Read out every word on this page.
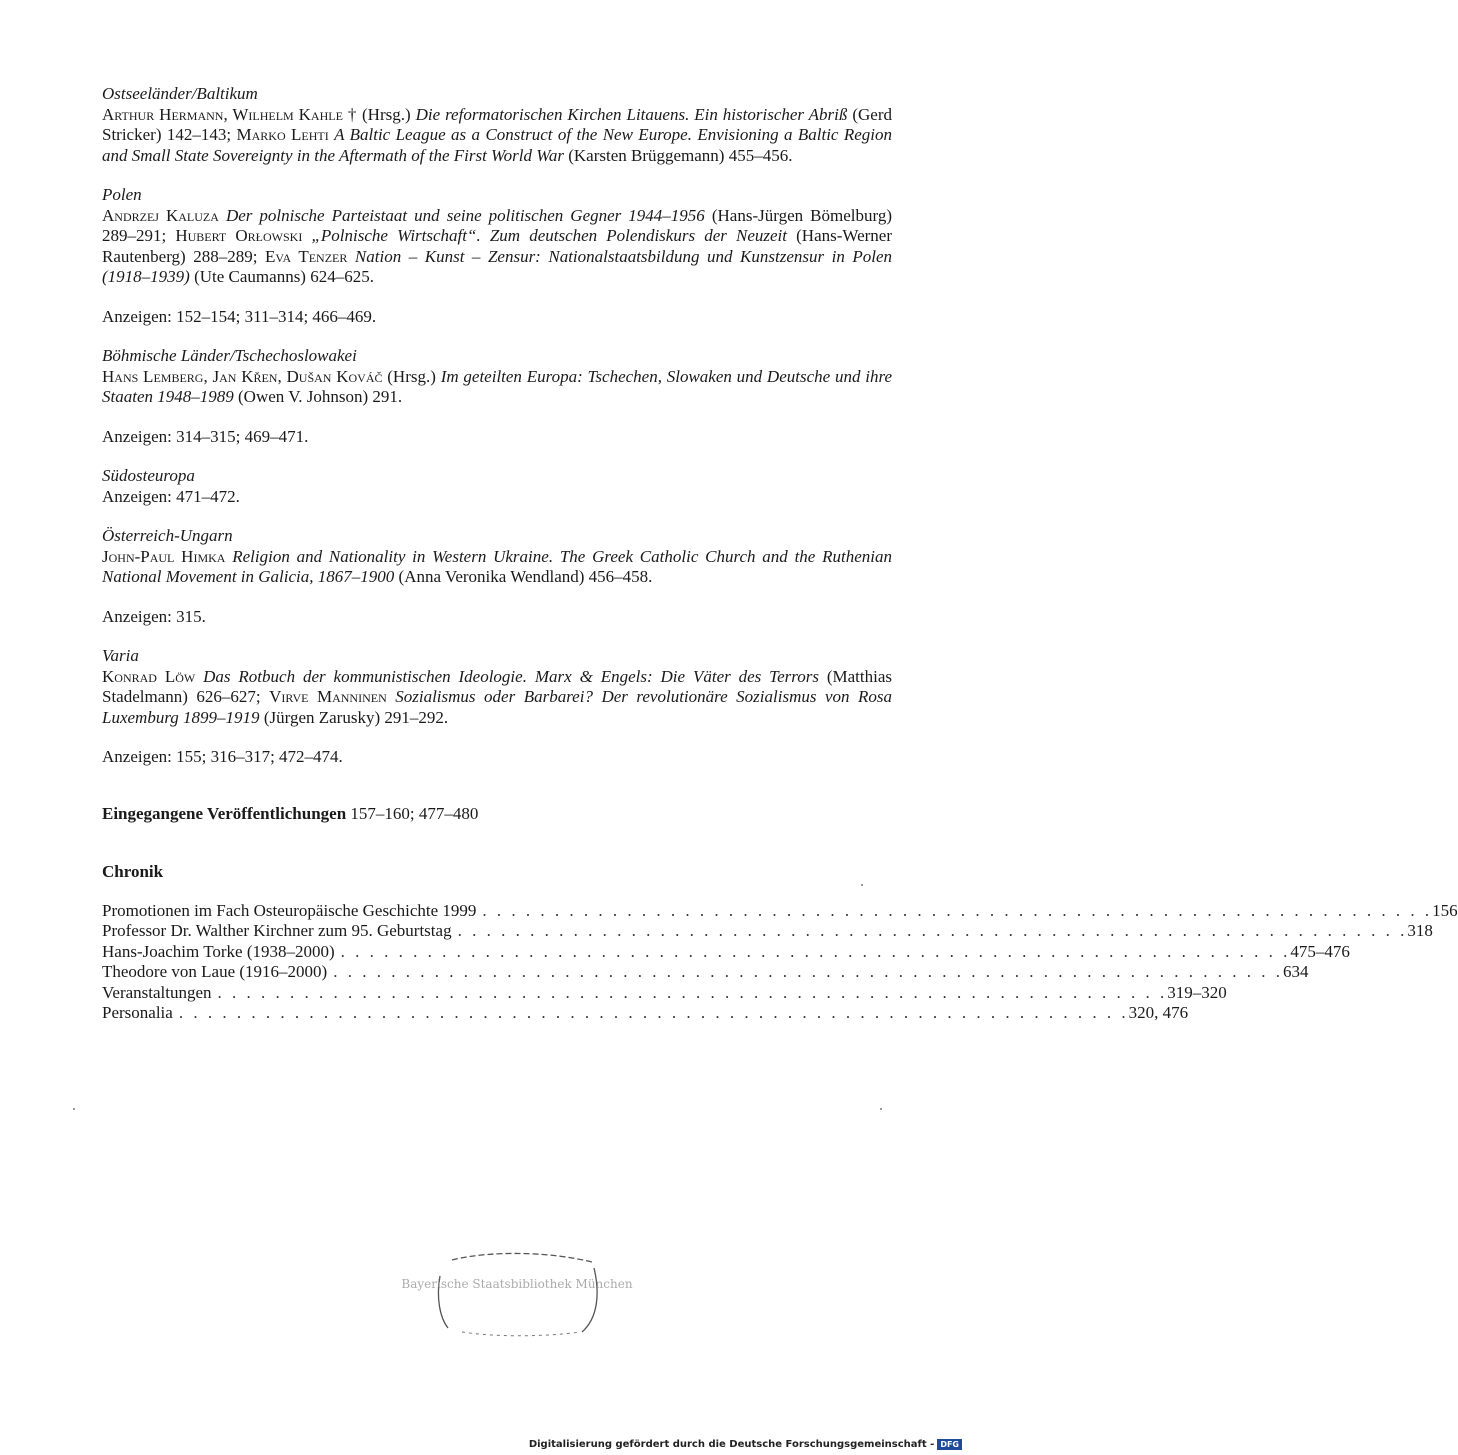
Ostseeländer/Baltikum

Arthur Hermann, Wilhelm Kahle † (Hrsg.) Die reformatorischen Kirchen Litauens. Ein historischer Abriß (Gerd Stricker) 142–143; Marko Lehti A Baltic League as a Construct of the New Europe. Envisioning a Baltic Region and Small State Sovereignty in the Aftermath of the First World War (Karsten Brüggemann) 455–456.

Polen

Andrzej Kaluza Der polnische Parteistaat und seine politischen Gegner 1944–1956 (Hans-Jürgen Bömelburg) 289–291; Hubert Orłowski „Polnische Wirtschaft“. Zum deutschen Polendiskurs der Neuzeit (Hans-Werner Rautenberg) 288–289; Eva Tenzer Nation – Kunst – Zensur: Nationalstaatsbildung und Kunstzensur in Polen (1918–1939) (Ute Caumanns) 624–625.

Anzeigen: 152–154; 311–314; 466–469.

Böhmische Länder/Tschechoslowakei

Hans Lemberg, Jan Křen, Dušan Kováč (Hrsg.) Im geteilten Europa: Tschechen, Slowaken und Deutsche und ihre Staaten 1948–1989 (Owen V. Johnson) 291.

Anzeigen: 314–315; 469–471.

Südosteuropa

Anzeigen: 471–472.

Österreich-Ungarn

John-Paul Himka Religion and Nationality in Western Ukraine. The Greek Catholic Church and the Ruthenian National Movement in Galicia, 1867–1900 (Anna Veronika Wendland) 456–458.

Anzeigen: 315.

Varia

Konrad Löw Das Rotbuch der kommunistischen Ideologie. Marx & Engels: Die Väter des Terrors (Matthias Stadelmann) 626–627; Virve Manninen Sozialismus oder Barbarei? Der revolutionäre Sozialismus von Rosa Luxemburg 1899–1919 (Jürgen Zarusky) 291–292.

Anzeigen: 155; 316–317; 472–474.

Eingegangene Veröffentlichungen 157–160; 477–480

Chronik

Promotionen im Fach Osteuropäische Geschichte 1999 . . . . . . . . . . . . . . . . . . . . . . . . . . . . . . . . . . . . . . . . . . . . . . . . . . . . . . . . . . . . . . . . . . 156
Professor Dr. Walther Kirchner zum 95. Geburtstag . . . . . . . . . . . . . . . . . . . . . . . . . . . . . . . . . . . . . . . . . . . . . . . . . . . . . . . . . . . . . . . . . . 318
Hans-Joachim Torke (1938–2000) . . . . . . . . . . . . . . . . . . . . . . . . . . . . . . . . . . . . . . . . . . . . . . . . . . . . . . . . . . . . . . . . . . 475–476
Theodore von Laue (1916–2000) . . . . . . . . . . . . . . . . . . . . . . . . . . . . . . . . . . . . . . . . . . . . . . . . . . . . . . . . . . . . . . . . . . 634
Veranstaltungen . . . . . . . . . . . . . . . . . . . . . . . . . . . . . . . . . . . . . . . . . . . . . . . . . . . . . . . . . . . . . . . . . . 319–320
Personalia . . . . . . . . . . . . . . . . . . . . . . . . . . . . . . . . . . . . . . . . . . . . . . . . . . . . . . . . . . . . . . . . . . 320, 476
Bayerische Staatsbibliothek München
Digitalisierung gefördert durch die Deutsche Forschungsgemeinschaft - DFG
